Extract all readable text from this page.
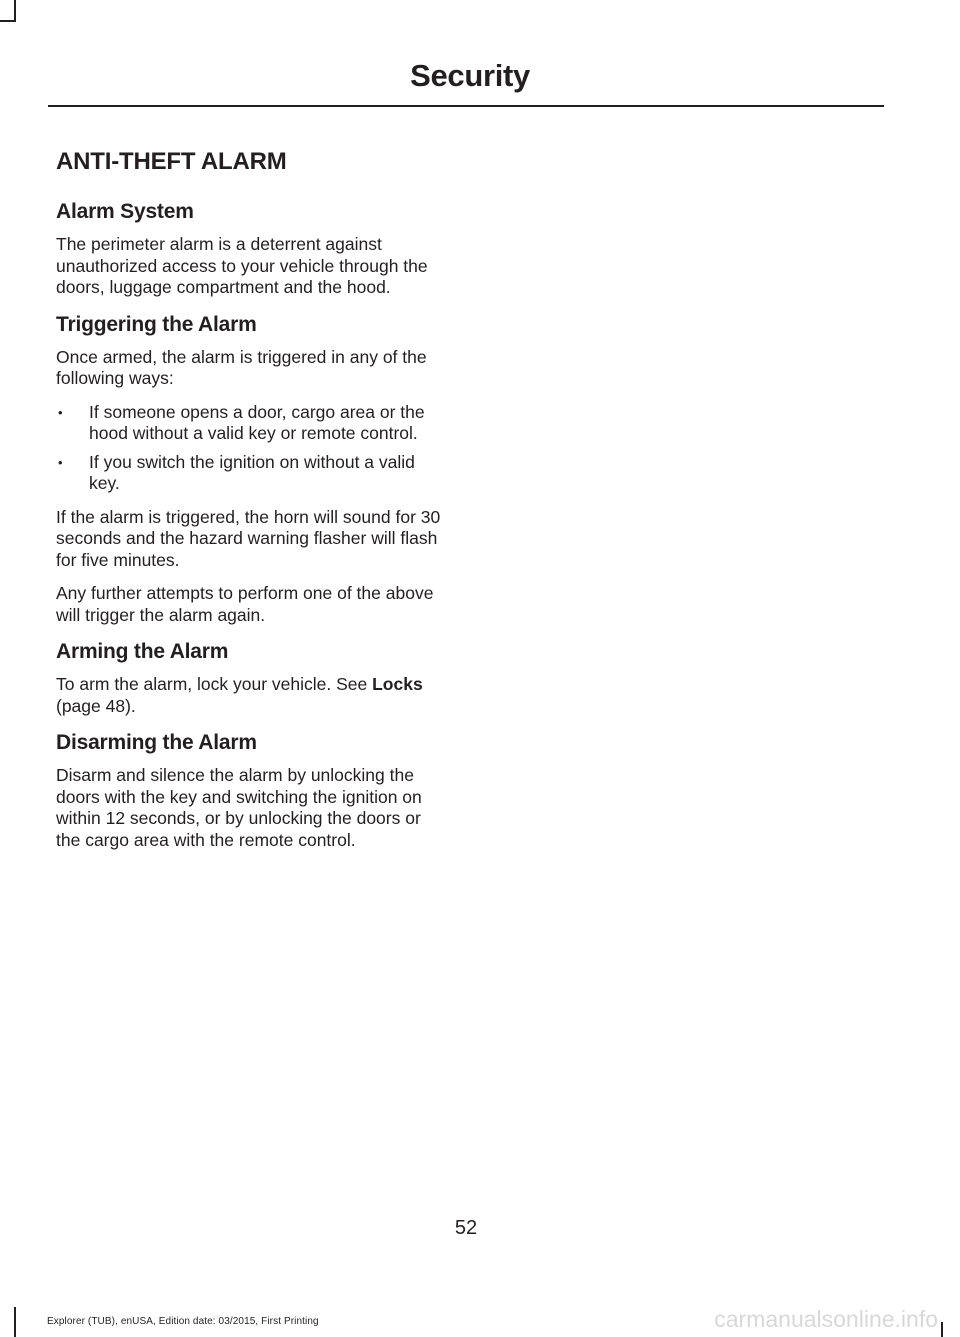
Security
ANTI-THEFT ALARM
Alarm System

The perimeter alarm is a deterrent against unauthorized access to your vehicle through the doors, luggage compartment and the hood.

Triggering the Alarm

Once armed, the alarm is triggered in any of the following ways:

• If someone opens a door, cargo area or the hood without a valid key or remote control.
• If you switch the ignition on without a valid key.

If the alarm is triggered, the horn will sound for 30 seconds and the hazard warning flasher will flash for five minutes.

Any further attempts to perform one of the above will trigger the alarm again.

Arming the Alarm

To arm the alarm, lock your vehicle. See Locks (page 48).

Disarming the Alarm

Disarm and silence the alarm by unlocking the doors with the key and switching the ignition on within 12 seconds, or by unlocking the doors or the cargo area with the remote control.

52
Explorer (TUB), enUSA, Edition date: 03/2015, First Printing	carmanualsonline.info
